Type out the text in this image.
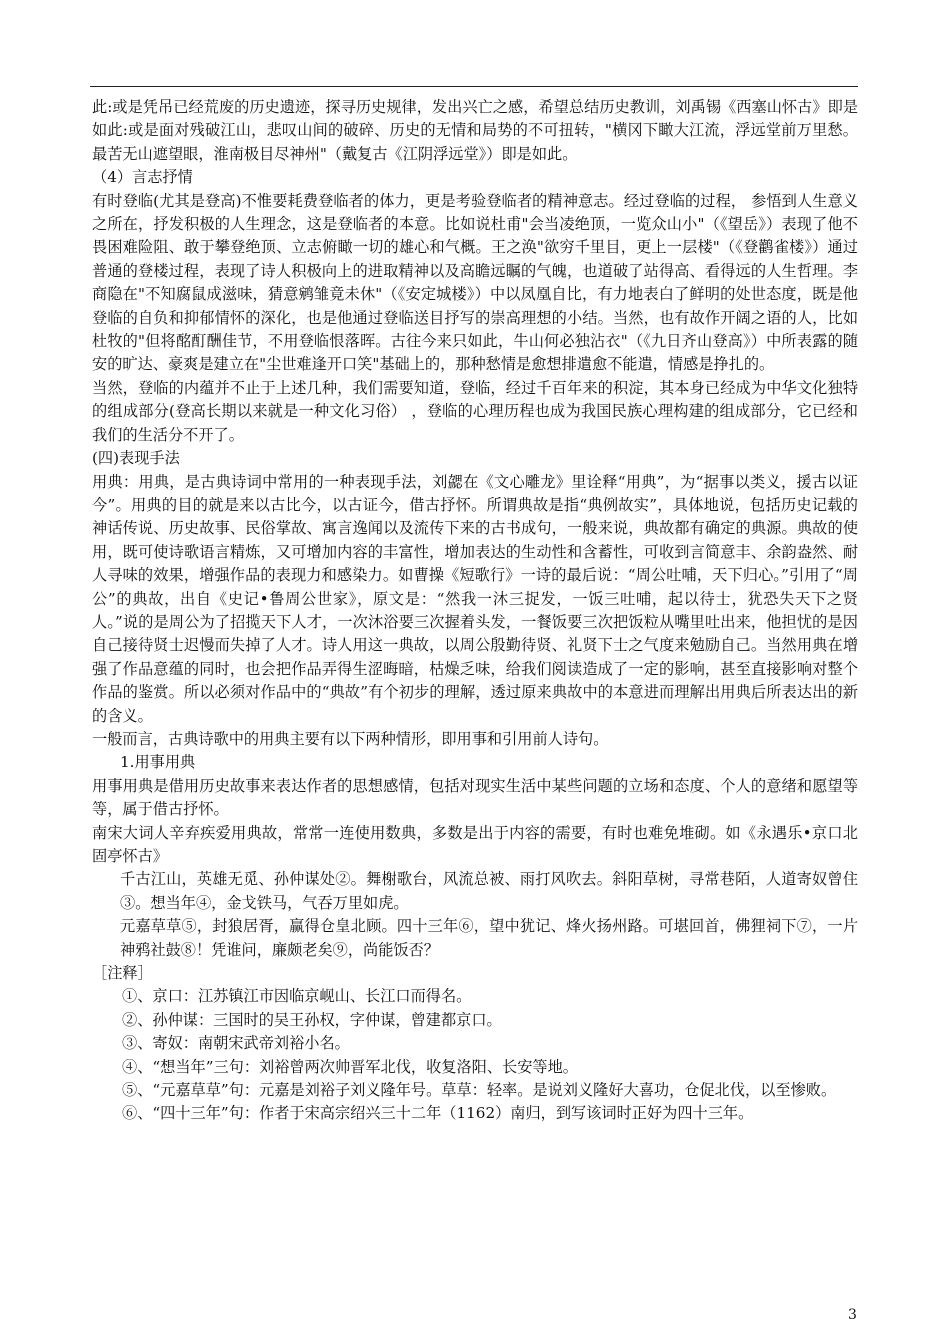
此:或是凭吊已经荒废的历史遗迹，探寻历史规律，发出兴亡之感，希望总结历史教训，刘禹锡《西塞山怀古》即是如此:或是面对残破江山，悲叹山间的破碎、历史的无情和局势的不可扭转，"横冈下瞰大江流，浮远堂前万里愁。最苦无山遮望眼，淮南极目尽神州"（戴复古《江阴浮远堂》）即是如此。

（4）言志抒情

有时登临(尤其是登高)不惟要耗费登临者的体力，更是考验登临者的精神意志。经过登临的过程， 参悟到人生意义之所在，抒发积极的人生理念，这是登临者的本意。比如说杜甫"会当凌绝顶，一览众山小"（《望岳》）表现了他不畏困难险阻、敢于攀登绝顶、立志俯瞰一切的雄心和气概。王之涣"欲穷千里目，更上一层楼"（《登鹳雀楼》）通过普通的登楼过程，表现了诗人积极向上的进取精神以及高瞻远瞩的气魄，也道破了站得高、看得远的人生哲理。李商隐在"不知腐鼠成滋味，猜意鹓雏竟未休"（《安定城楼》）中以凤凰自比，有力地表白了鲜明的处世态度，既是他登临的自负和抑郁情怀的深化，也是他通过登临送目抒写的崇高理想的小结。当然，也有故作开阔之语的人，比如杜牧的"但将酩酊酬佳节，不用登临恨落晖。古往今来只如此，牛山何必独沾衣"（《九日齐山登高》）中所表露的随安的旷达、豪爽是建立在"尘世难逢开口笑"基础上的，那种愁情是愈想排遣愈不能遣，情感是挣扎的。

当然，登临的内蕴并不止于上述几种，我们需要知道，登临，经过千百年来的积淀，其本身已经成为中华文化独特的组成部分(登高长期以来就是一种文化习俗） ，登临的心理历程也成为我国民族心理构建的组成部分，它已经和我们的生活分不开了。

(四)表现手法

用典：用典，是古典诗词中常用的一种表现手法，刘勰在《文心雕龙》里诠释“用典”，为“据事以类义，援古以证今”。用典的目的就是来以古比今，以古证今，借古抒怀。所谓典故是指“典例故实”，具体地说，包括历史记载的神话传说、历史故事、民俗掌故、寓言逸闻以及流传下来的古书成句，一般来说，典故都有确定的典源。典故的使用，既可使诗歌语言精炼，又可增加内容的丰富性，增加表达的生动性和含蓄性，可收到言简意丰、余韵盎然、耐人寻味的效果，增强作品的表现力和感染力。如曹操《短歌行》一诗的最后说：“周公吐哺，天下归心。”引用了“周公”的典故，出自《史记•鲁周公世家》，原文是：“然我一沐三捉发，一饭三吐哺，起以待士，犹恐失天下之贤人。”说的是周公为了招揽天下人才，一次沐浴要三次握着头发，一餐饭要三次把饭粒从嘴里吐出来，他担忧的是因自己接待贤士迟慢而失掉了人才。诗人用这一典故，以周公殷勤待贤、礼贤下士之气度来勉励自己。当然用典在增强了作品意蕴的同时，也会把作品弄得生涩晦暗，枯燥乏味，给我们阅读造成了一定的影响，甚至直接影响对整个作品的鉴赏。所以必须对作品中的“典故”有个初步的理解，透过原来典故中的本意进而理解出用典后所表达出的新的含义。

一般而言，古典诗歌中的用典主要有以下两种情形，即用事和引用前人诗句。

1.用事用典

用事用典是借用历史故事来表达作者的思想感情，包括对现实生活中某些问题的立场和态度、个人的意绪和愿望等等，属于借古抒怀。

南宋大词人辛弃疾爱用典故，常常一连使用数典，多数是出于内容的需要，有时也难免堆砌。如《永遇乐•京口北固亭怀古》

千古江山，英雄无觅、孙仲谋处②。舞榭歌台，风流总被、雨打风吹去。斜阳草树，寻常巷陌，人道寄奴曾住③。想当年④，金戈铁马，气吞万里如虎。

元嘉草草⑤，封狼居胥，赢得仓皇北顾。四十三年⑥，望中犹记、烽火扬州路。可堪回首，佛狸祠下⑦，一片神鸦社鼓⑧！凭谁问，廉颇老矣⑨，尚能饭否？

［注释］

①、京口：江苏镇江市因临京岘山、长江口而得名。

②、孙仲谋：三国时的吴王孙权，字仲谋，曾建都京口。

③、寄奴：南朝宋武帝刘裕小名。

④、“想当年”三句：刘裕曾两次帅晋军北伐，收复洛阳、长安等地。

⑤、“元嘉草草”句：元嘉是刘裕子刘义隆年号。草草：轻率。是说刘义隆好大喜功，仓促北伐，以至惨败。

⑥、“四十三年”句：作者于宋高宗绍兴三十二年（1162）南归，到写该词时正好为四十三年。

3
